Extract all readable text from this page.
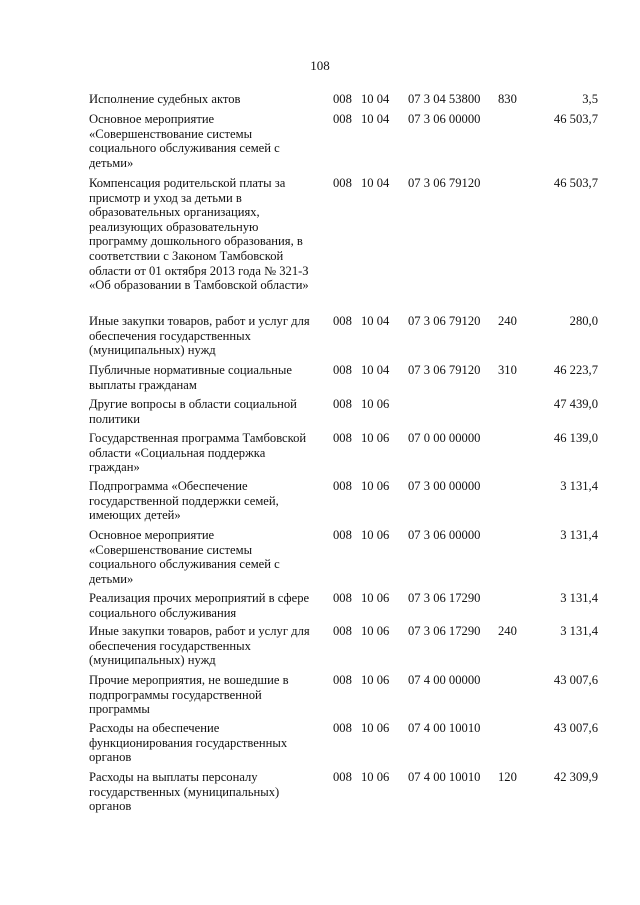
108
Исполнение судебных актов	008 10 04 07 3 04 53800 830	3,5
Основное мероприятие «Совершенствование системы социального обслуживания семей с детьми»
008 10 04 07 3 06 00000	46 503,7
Компенсация родительской платы за присмотр и уход за детьми в образовательных организациях, реализующих образовательную программу дошкольного образования, в соответствии с Законом Тамбовской области от 01 октября 2013 года № 321-З «Об образовании в Тамбовской области»
008 10 04 07 3 06 79120	46 503,7
Иные закупки товаров, работ и услуг для обеспечения государственных (муниципальных) нужд
008 10 04 07 3 06 79120 240	280,0
Публичные нормативные социальные выплаты гражданам
008 10 04 07 3 06 79120 310	46 223,7
Другие вопросы в области социальной политики
008 10 06	47 439,0
Государственная программа Тамбовской области «Социальная поддержка граждан»
008 10 06 07 0 00 00000	46 139,0
Подпрограмма «Обеспечение государственной поддержки семей, имеющих детей»
008 10 06 07 3 00 00000	3 131,4
Основное мероприятие «Совершенствование системы социального обслуживания семей с детьми»
008 10 06 07 3 06 00000	3 131,4
Реализация прочих мероприятий в сфере социального обслуживания
008 10 06 07 3 06 17290	3 131,4
Иные закупки товаров, работ и услуг для обеспечения государственных (муниципальных) нужд
008 10 06 07 3 06 17290 240	3 131,4
Прочие мероприятия, не вошедшие в подпрограммы государственной программы
008 10 06 07 4 00 00000	43 007,6
Расходы на обеспечение функционирования государственных органов
008 10 06 07 4 00 10010	43 007,6
Расходы на выплаты персоналу государственных (муниципальных) органов
008 10 06 07 4 00 10010 120	42 309,9
